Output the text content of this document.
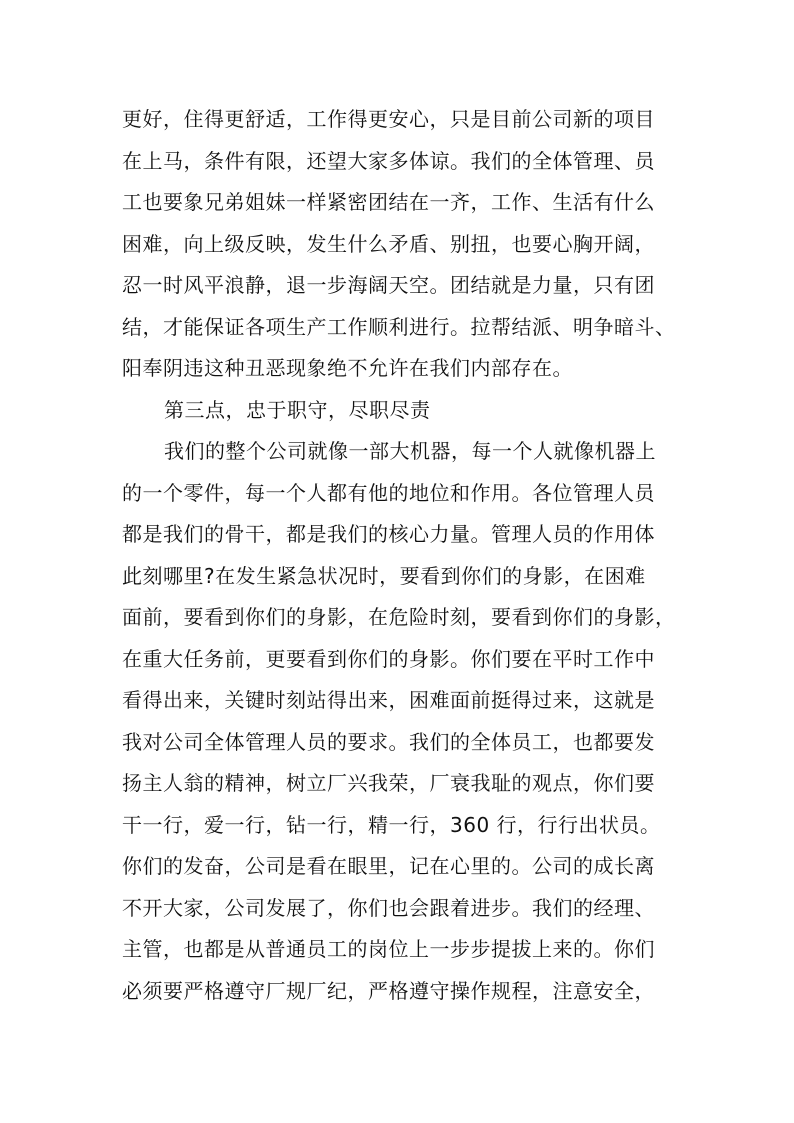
更好，住得更舒适，工作得更安心，只是目前公司新的项目
在上马，条件有限，还望大家多体谅。我们的全体管理、员
工也要象兄弟姐妹一样紧密团结在一齐，工作、生活有什么
困难，向上级反映，发生什么矛盾、别扭，也要心胸开阔，
忍一时风平浪静，退一步海阔天空。团结就是力量，只有团
结，才能保证各项生产工作顺利进行。拉帮结派、明争暗斗、
阳奉阴违这种丑恶现象绝不允许在我们内部存在。
第三点，忠于职守，尽职尽责
我们的整个公司就像一部大机器，每一个人就像机器上
的一个零件，每一个人都有他的地位和作用。各位管理人员
都是我们的骨干，都是我们的核心力量。管理人员的作用体
此刻哪里?在发生紧急状况时，要看到你们的身影，在困难
面前，要看到你们的身影，在危险时刻，要看到你们的身影，
在重大任务前，更要看到你们的身影。你们要在平时工作中
看得出来，关键时刻站得出来，困难面前挺得过来，这就是
我对公司全体管理人员的要求。我们的全体员工，也都要发
扬主人翁的精神，树立厂兴我荣，厂衰我耻的观点，你们要
干一行，爱一行，钻一行，精一行，360 行，行行出状员。
你们的发奋，公司是看在眼里，记在心里的。公司的成长离
不开大家，公司发展了，你们也会跟着进步。我们的经理、
主管，也都是从普通员工的岗位上一步步提拔上来的。你们
必须要严格遵守厂规厂纪，严格遵守操作规程，注意安全，
